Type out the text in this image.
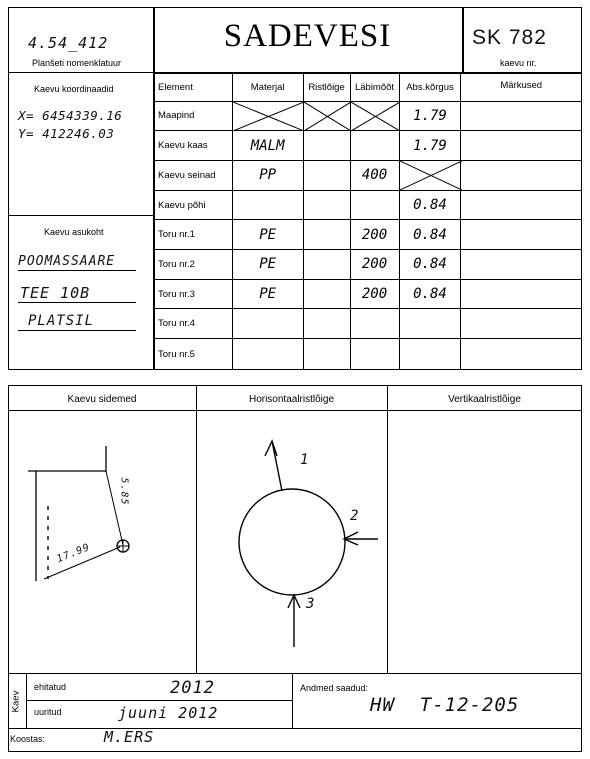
4.54_412
Planšeti nomenklatuur
Kaevu koordinaadid
X= 6454339.16
Y= 412246.03
Kaevu asukoht
POOMASSAARE
TEE 10B
PLATSIL
SADEVESI	SK 782
kaevu nr.
Element	Materjal	Ristlõige	Läbimõõt	Abs.kõrgus	Märkused
Maapind				1.79	
Kaevu kaas	MALM			1.79	
Kaevu seinad	PP		400	

Kaevu põhi				0.84	
Toru nr.1	PE		200	0.84	
Toru nr.2	PE		200	0.84	
Toru nr.3	PE		200	0.84	
Toru nr.4					
Toru nr.5					
Kaevu sidemed	Horisontaalristlõige	Vertikaalristlõige
17.99
5.85
1
2
3
Kaev
ehitatud	2012
uuritud	juuni 2012
Andmed saadud:
HW  T-12-205
Koostas:	M.ERS
